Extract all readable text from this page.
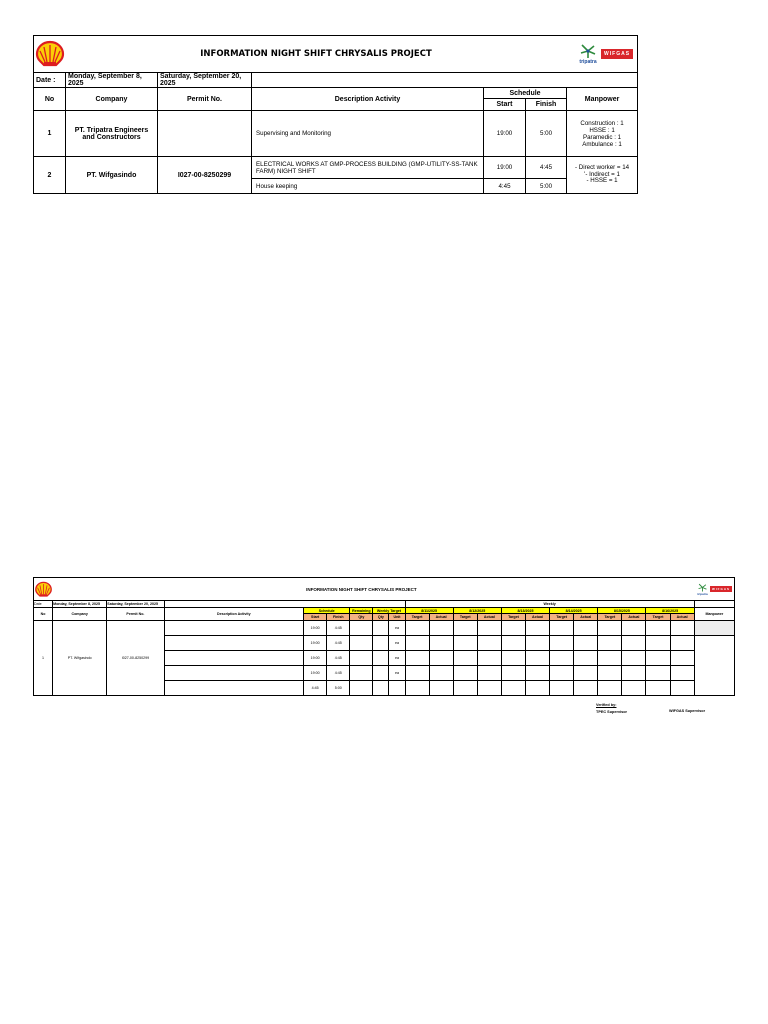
	INFORMATION NIGHT SHIFT CHRYSALIS PROJECT					tripatra
WIFGAS

Date :	Monday, September 8, 2025	Saturday, September 20, 2025				
No	Company	Permit No.	Description Activity	Schedule		Manpower
				Start	Finish	
1	PT. Tripatra Engineers and Constructors		Supervising and Monitoring	19:00	5:00	Construction : 1
HSSE : 1
Paramedic : 1
Ambulance : 1

2	PT. Wifgasindo	I027-00-8250299	ELECTRICAL WORKS AT GMP-PROCESS BUILDING (GMP-UTILITY-SS-TANK FARM) NIGHT SHIFT	19:00	4:45	- Direct worker = 14
'- Indirect = 1
- HSSE = 1

			House keeping	4:45	5:00	
	INFORMATION NIGHT SHIFT CHRYSALIS PROJECT																			tripatra
WIFGAS	

Date	Monday, September 8, 2025	Saturday, September 20, 2025							Weekly												
No	Company	Permit No.	Description Activity	Schedule		Remaining	Weekly Target		8/11/2025		8/12/2025		8/13/2025		8/14/2025		8/15/2025		8/16/2025		Manpower
				Start	Finish	Qty	Qty	Unit	Target	Actual	Target	Actual	Target	Actual	Target	Actual	Target	Actual	Target	Actual	
1	PT. Wifgasindo	I027-00-8250299		19:00	4:45			ea													
				19:00	4:45			ea													
				19:00	4:45			ea													
				19:00	4:45			ea													
				4:45	5:00																
Verified by:
TPEC Supervisor	WIFGAS Supervisor
